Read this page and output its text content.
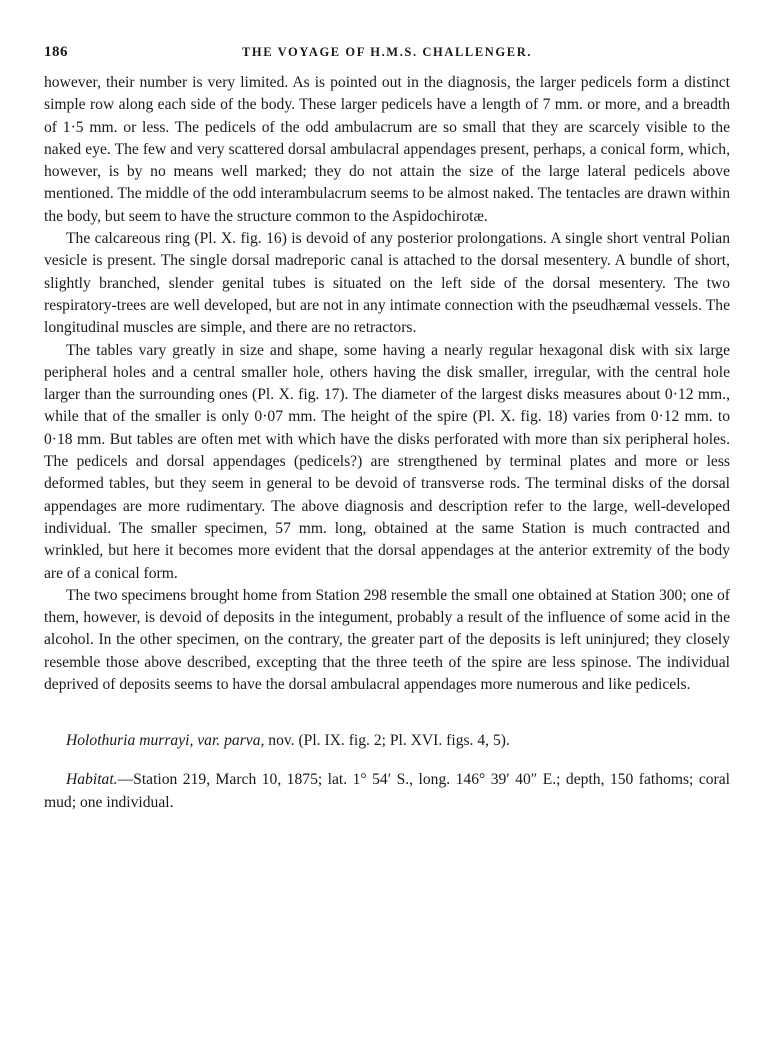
186	THE VOYAGE OF H.M.S. CHALLENGER.

however, their number is very limited. As is pointed out in the diagnosis, the larger pedicels form a distinct simple row along each side of the body. These larger pedicels have a length of 7 mm. or more, and a breadth of 1·5 mm. or less. The pedicels of the odd ambulacrum are so small that they are scarcely visible to the naked eye. The few and very scattered dorsal ambulacral appendages present, perhaps, a conical form, which, however, is by no means well marked; they do not attain the size of the large lateral pedicels above mentioned. The middle of the odd interambulacrum seems to be almost naked. The tentacles are drawn within the body, but seem to have the structure common to the Aspidochirotæ.

The calcareous ring (Pl. X. fig. 16) is devoid of any posterior prolongations. A single short ventral Polian vesicle is present. The single dorsal madreporic canal is attached to the dorsal mesentery. A bundle of short, slightly branched, slender genital tubes is situated on the left side of the dorsal mesentery. The two respiratory-trees are well developed, but are not in any intimate connection with the pseudhæmal vessels. The longitudinal muscles are simple, and there are no retractors.

The tables vary greatly in size and shape, some having a nearly regular hexagonal disk with six large peripheral holes and a central smaller hole, others having the disk smaller, irregular, with the central hole larger than the surrounding ones (Pl. X. fig. 17). The diameter of the largest disks measures about 0·12 mm., while that of the smaller is only 0·07 mm. The height of the spire (Pl. X. fig. 18) varies from 0·12 mm. to 0·18 mm. But tables are often met with which have the disks perforated with more than six peripheral holes. The pedicels and dorsal appendages (pedicels?) are strengthened by terminal plates and more or less deformed tables, but they seem in general to be devoid of transverse rods. The terminal disks of the dorsal appendages are more rudimentary. The above diagnosis and description refer to the large, well-developed individual. The smaller specimen, 57 mm. long, obtained at the same Station is much contracted and wrinkled, but here it becomes more evident that the dorsal appendages at the anterior extremity of the body are of a conical form.

The two specimens brought home from Station 298 resemble the small one obtained at Station 300; one of them, however, is devoid of deposits in the integument, probably a result of the influence of some acid in the alcohol. In the other specimen, on the contrary, the greater part of the deposits is left uninjured; they closely resemble those above described, excepting that the three teeth of the spire are less spinose. The individual deprived of deposits seems to have the dorsal ambulacral appendages more numerous and like pedicels.

Holothuria murrayi, var. parva, nov. (Pl. IX. fig. 2; Pl. XVI. figs. 4, 5).

Habitat.—Station 219, March 10, 1875; lat. 1° 54′ S., long. 146° 39′ 40″ E.; depth, 150 fathoms; coral mud; one individual.
